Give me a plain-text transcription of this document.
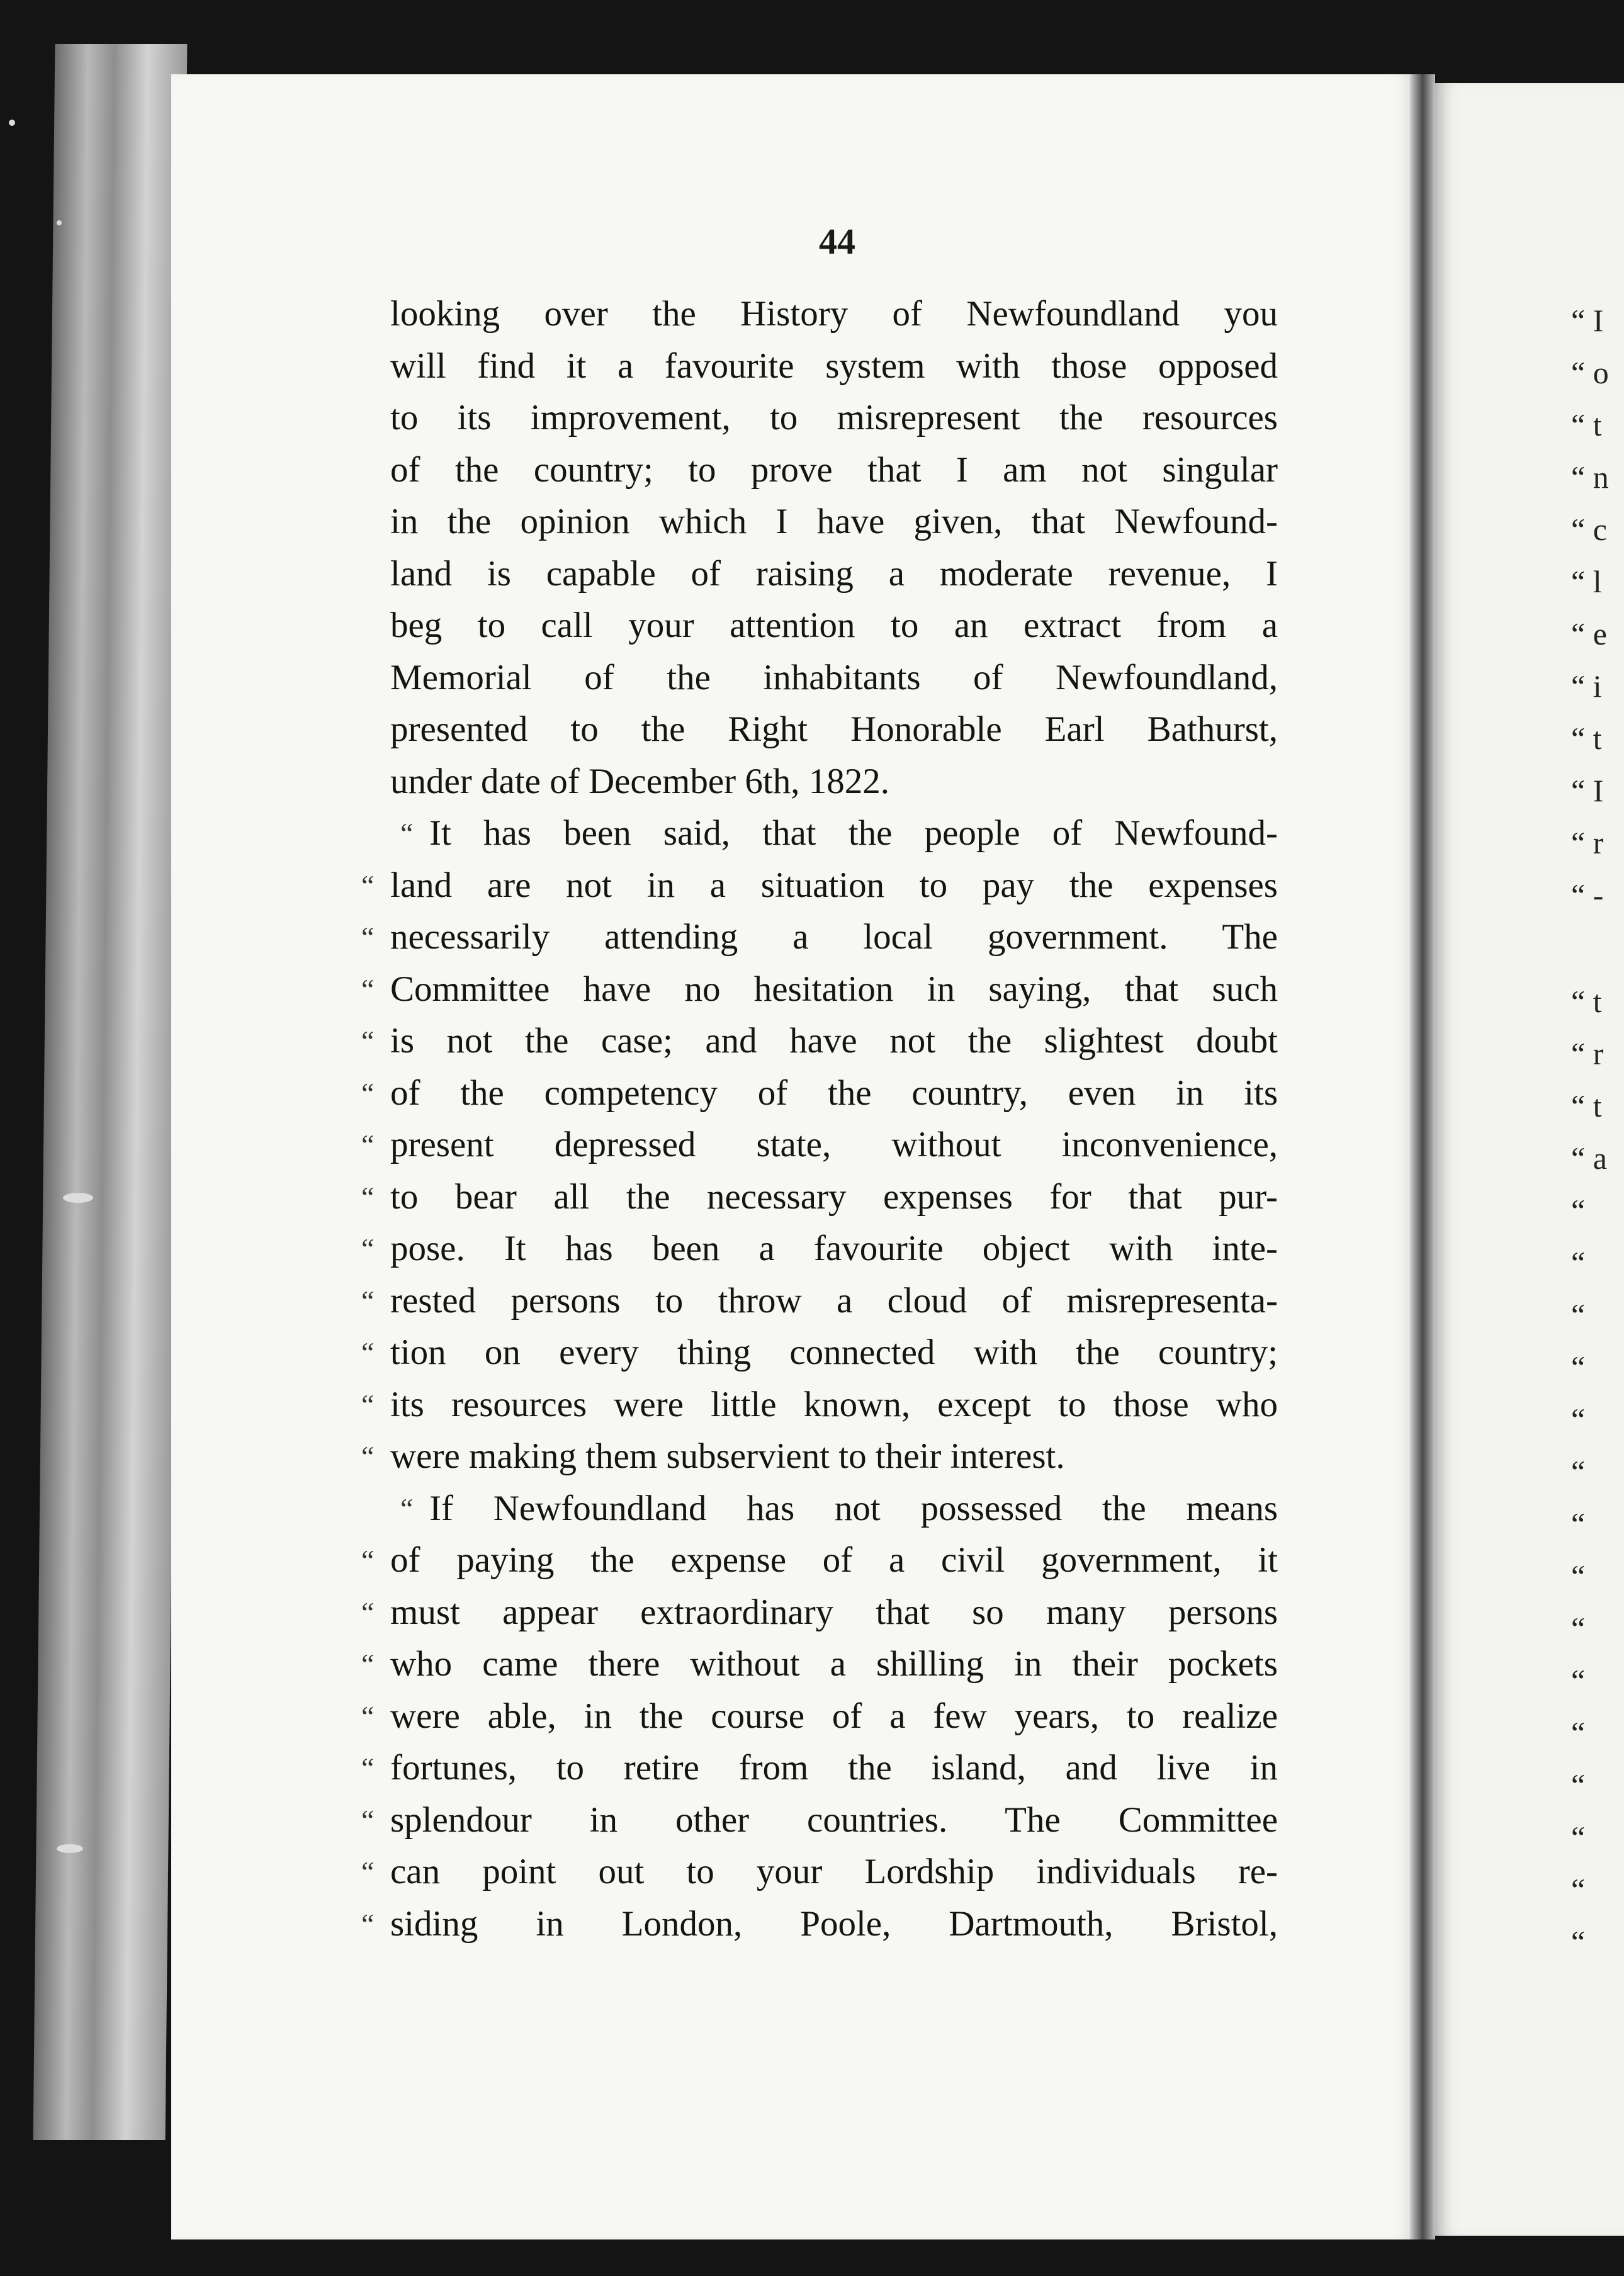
44
looking over the History of Newfoundland you
will find it a favourite system with those opposed
to its improvement, to misrepresent the resources
of the country; to prove that I am not singular
in the opinion which I have given, that Newfound-
land is capable of raising a moderate revenue, I
beg to call your attention to an extract from a
Memorial of the inhabitants of Newfoundland,
presented to the Right Honorable Earl Bathurst,
under date of December 6th, 1822.
“ It has been said, that the people of Newfound-
“ land are not in a situation to pay the expenses
“ necessarily attending a local government. The
“ Committee have no hesitation in saying, that such
“ is not the case; and have not the slightest doubt
“ of the competency of the country, even in its
“ present depressed state, without inconvenience,
“ to bear all the necessary expenses for that pur-
“ pose. It has been a favourite object with inte-
“ rested persons to throw a cloud of misrepresenta-
“ tion on every thing connected with the country;
“ its resources were little known, except to those who
“ were making them subservient to their interest.
“ If Newfoundland has not possessed the means
“ of paying the expense of a civil government, it
“ must appear extraordinary that so many persons
“ who came there without a shilling in their pockets
“ were able, in the course of a few years, to realize
“ fortunes, to retire from the island, and live in
“ splendour in other countries. The Committee
“ can point out to your Lordship individuals re-
“ siding in London, Poole, Dartmouth, Bristol,
“ I
“ o
“ t
“ n
“ c
“ l
“ e
“ i
“ t
“ I
“ r
“ -
“ t
“ r
“ t
“ a
“
“
“
“
“
“
“
“
“
“
“
“
“
“
“
